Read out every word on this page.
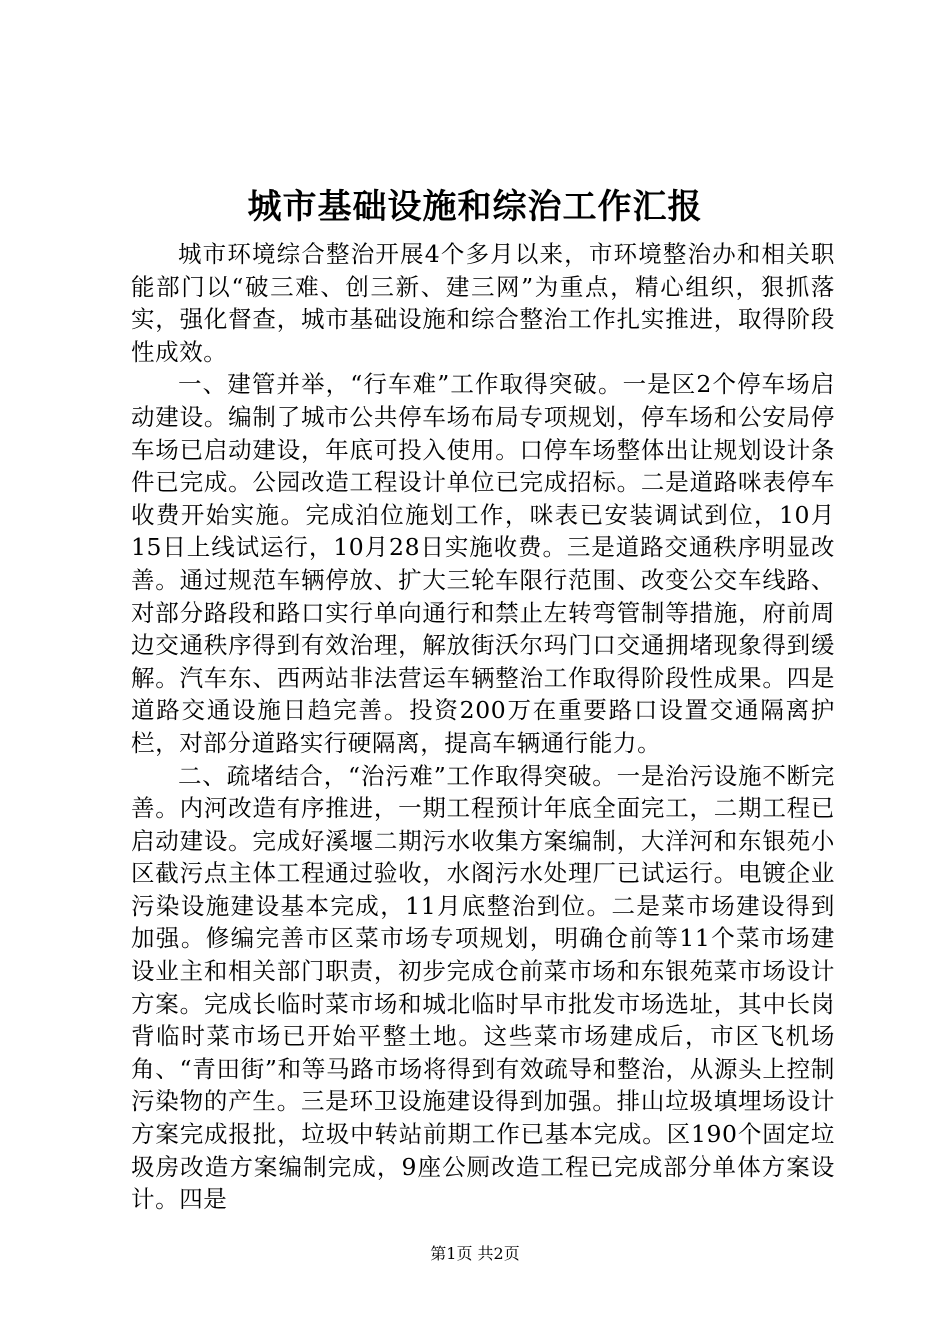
城市基础设施和综治工作汇报

城市环境综合整治开展4个多月以来，市环境整治办和相关职能部门以“破三难、创三新、建三网”为重点，精心组织，狠抓落实，强化督查，城市基础设施和综合整治工作扎实推进，取得阶段性成效。

一、建管并举，“行车难”工作取得突破。一是区2个停车场启动建设。编制了城市公共停车场布局专项规划，停车场和公安局停车场已启动建设，年底可投入使用。口停车场整体出让规划设计条件已完成。公园改造工程设计单位已完成招标。二是道路咪表停车收费开始实施。完成泊位施划工作，咪表已安装调试到位，10月15日上线试运行，10月28日实施收费。三是道路交通秩序明显改善。通过规范车辆停放、扩大三轮车限行范围、改变公交车线路、对部分路段和路口实行单向通行和禁止左转弯管制等措施，府前周边交通秩序得到有效治理，解放街沃尔玛门口交通拥堵现象得到缓解。汽车东、西两站非法营运车辆整治工作取得阶段性成果。四是道路交通设施日趋完善。投资200万在重要路口设置交通隔离护栏，对部分道路实行硬隔离，提高车辆通行能力。

二、疏堵结合，“治污难”工作取得突破。一是治污设施不断完善。内河改造有序推进，一期工程预计年底全面完工，二期工程已启动建设。完成好溪堰二期污水收集方案编制，大洋河和东银苑小区截污点主体工程通过验收，水阁污水处理厂已试运行。电镀企业污染设施建设基本完成，11月底整治到位。二是菜市场建设得到加强。修编完善市区菜市场专项规划，明确仓前等11个菜市场建设业主和相关部门职责，初步完成仓前菜市场和东银苑菜市场设计方案。完成长临时菜市场和城北临时早市批发市场选址，其中长岗背临时菜市场已开始平整土地。这些菜市场建成后，市区飞机场角、“青田街”和等马路市场将得到有效疏导和整治，从源头上控制污染物的产生。三是环卫设施建设得到加强。排山垃圾填埋场设计方案完成报批，垃圾中转站前期工作已基本完成。区190个固定垃圾房改造方案编制完成，9座公厕改造工程已完成部分单体方案设计。四是

第1页 共2页
